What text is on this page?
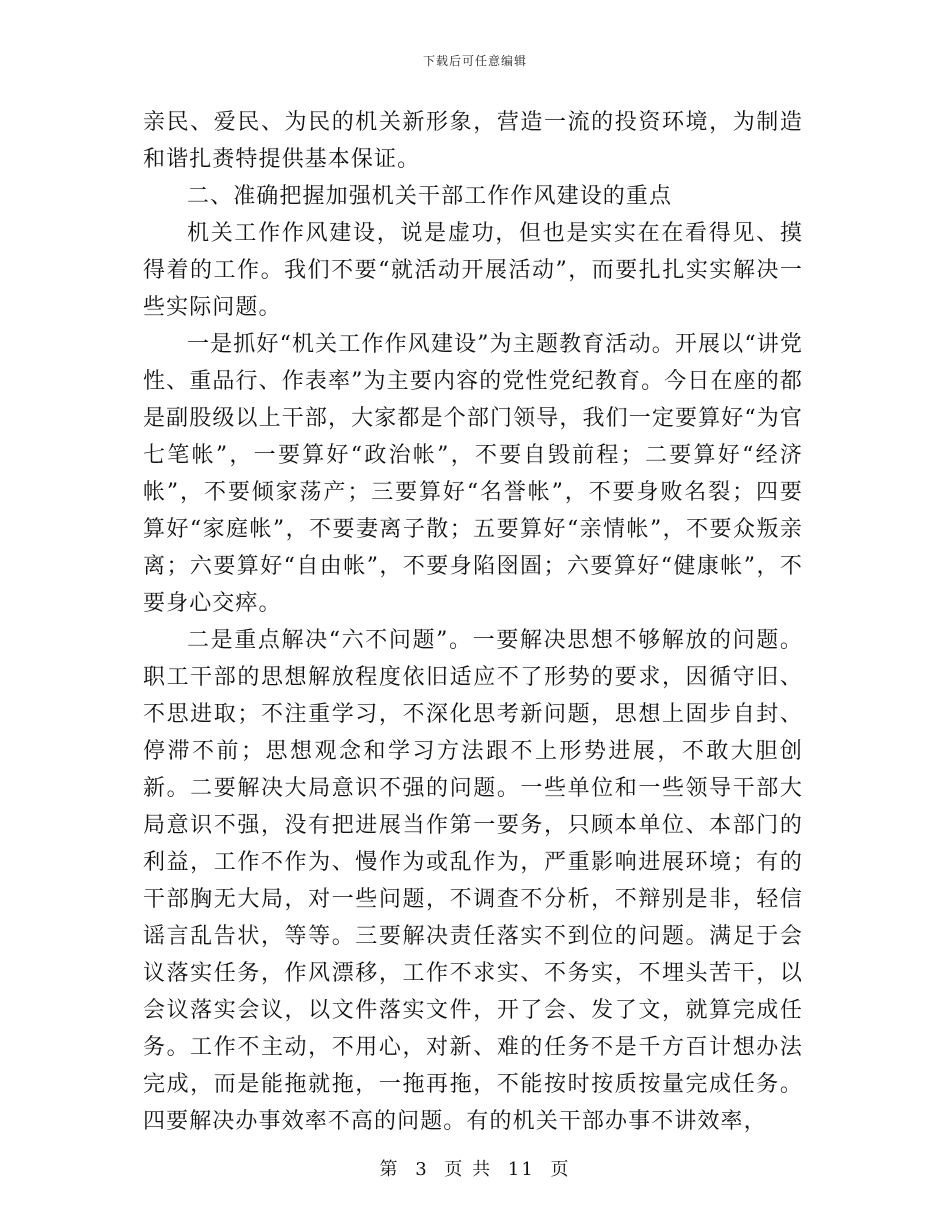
下载后可任意编辑

亲民、爱民、为民的机关新形象，营造一流的投资环境，为制造和谐扎赉特提供基本保证。

二、准确把握加强机关干部工作作风建设的重点

机关工作作风建设，说是虚功，但也是实实在在看得见、摸得着的工作。我们不要“就活动开展活动”，而要扎扎实实解决一些实际问题。

一是抓好“机关工作作风建设”为主题教育活动。开展以“讲党性、重品行、作表率”为主要内容的党性党纪教育。今日在座的都是副股级以上干部，大家都是个部门领导，我们一定要算好“为官七笔帐”，一要算好“政治帐”，不要自毁前程；二要算好“经济帐”，不要倾家荡产；三要算好“名誉帐”，不要身败名裂；四要算好“家庭帐”，不要妻离子散；五要算好“亲情帐”，不要众叛亲离；六要算好“自由帐”，不要身陷囹圄；六要算好“健康帐”，不要身心交瘁。

二是重点解决“六不问题”。一要解决思想不够解放的问题。职工干部的思想解放程度依旧适应不了形势的要求，因循守旧、不思进取；不注重学习，不深化思考新问题，思想上固步自封、停滞不前；思想观念和学习方法跟不上形势进展，不敢大胆创新。二要解决大局意识不强的问题。一些单位和一些领导干部大局意识不强，没有把进展当作第一要务，只顾本单位、本部门的利益，工作不作为、慢作为或乱作为，严重影响进展环境；有的干部胸无大局，对一些问题，不调查不分析，不辩别是非，轻信谣言乱告状，等等。三要解决责任落实不到位的问题。满足于会议落实任务，作风漂移，工作不求实、不务实，不埋头苦干，以会议落实会议，以文件落实文件，开了会、发了文，就算完成任务。工作不主动，不用心，对新、难的任务不是千方百计想办法完成，而是能拖就拖，一拖再拖，不能按时按质按量完成任务。四要解决办事效率不高的问题。有的机关干部办事不讲效率，

第 3 页 共 11 页
